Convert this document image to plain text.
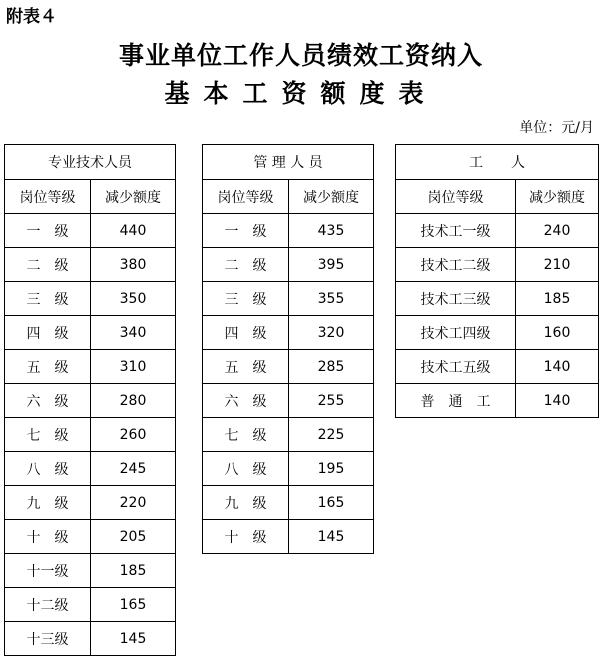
附表４
事业单位工作人员绩效工资纳入
基本工资额度表
单位：元/月
专业技术人员	
岗位等级	减少额度
一　级	440
二　级	380
三　级	350
四　级	340
五　级	310
六　级	280
七　级	260
八　级	245
九　级	220
十　级	205
十一级	185
十二级	165
十三级	145
管 理 人 员	
岗位等级	减少额度
一　级	435
二　级	395
三　级	355
四　级	320
五　级	285
六　级	255
七　级	225
八　级	195
九　级	165
十　级	145
工　　人	
岗位等级	减少额度
技术工一级	240
技术工二级	210
技术工三级	185
技术工四级	160
技术工五级	140
普　通　工	140
